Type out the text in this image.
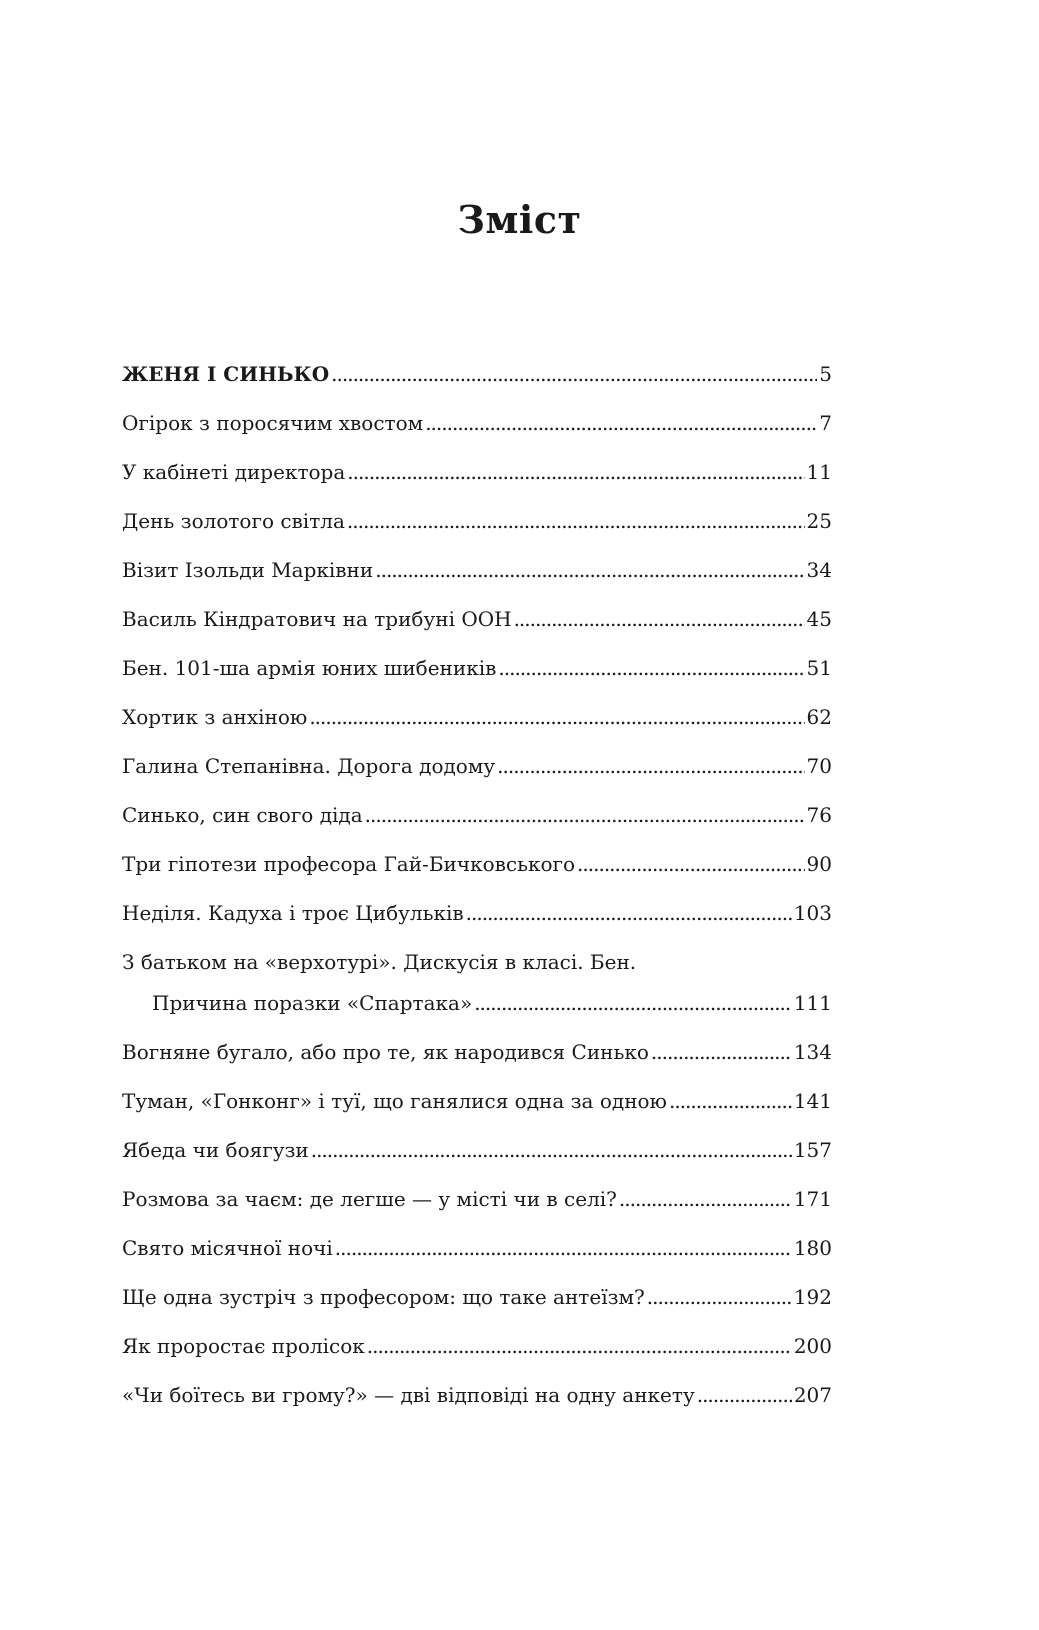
Зміст
ЖЕНЯ І СИНЬКО .....	5
Огірок з поросячим хвостом .....	7
У кабінеті директора .....	11
День золотого світла .....	25
Візит Ізольди Марківни .....	34
Василь Кіндратович на трибуні ООН .....	45
Бен. 101-ша армія юних шибеників .....	51
Хортик з анхіною .....	62
Галина Степанівна. Дорога додому .....	70
Синько, син свого діда .....	76
Три гіпотези професора Гай-Бичковського .....	90
Неділя. Кадуха і троє Цибульків .....	103
З батьком на «верхотурі». Дискусія в класі. Бен.
Причина поразки «Спартака» .....	111
Вогняне бугало, або про те, як народився Синько .....	134
Туман, «Гонконг» і туї, що ганялися одна за одною .....	141
Ябеда чи боягузи .....	157
Розмова за чаєм: де легше — у місті чи в селі? .....	171
Свято місячної ночі .....	180
Ще одна зустріч з професором: що таке антеїзм? .....	192
Як проростає пролісок .....	200
«Чи боїтесь ви грому?» — дві відповіді на одну анкету .....	207
